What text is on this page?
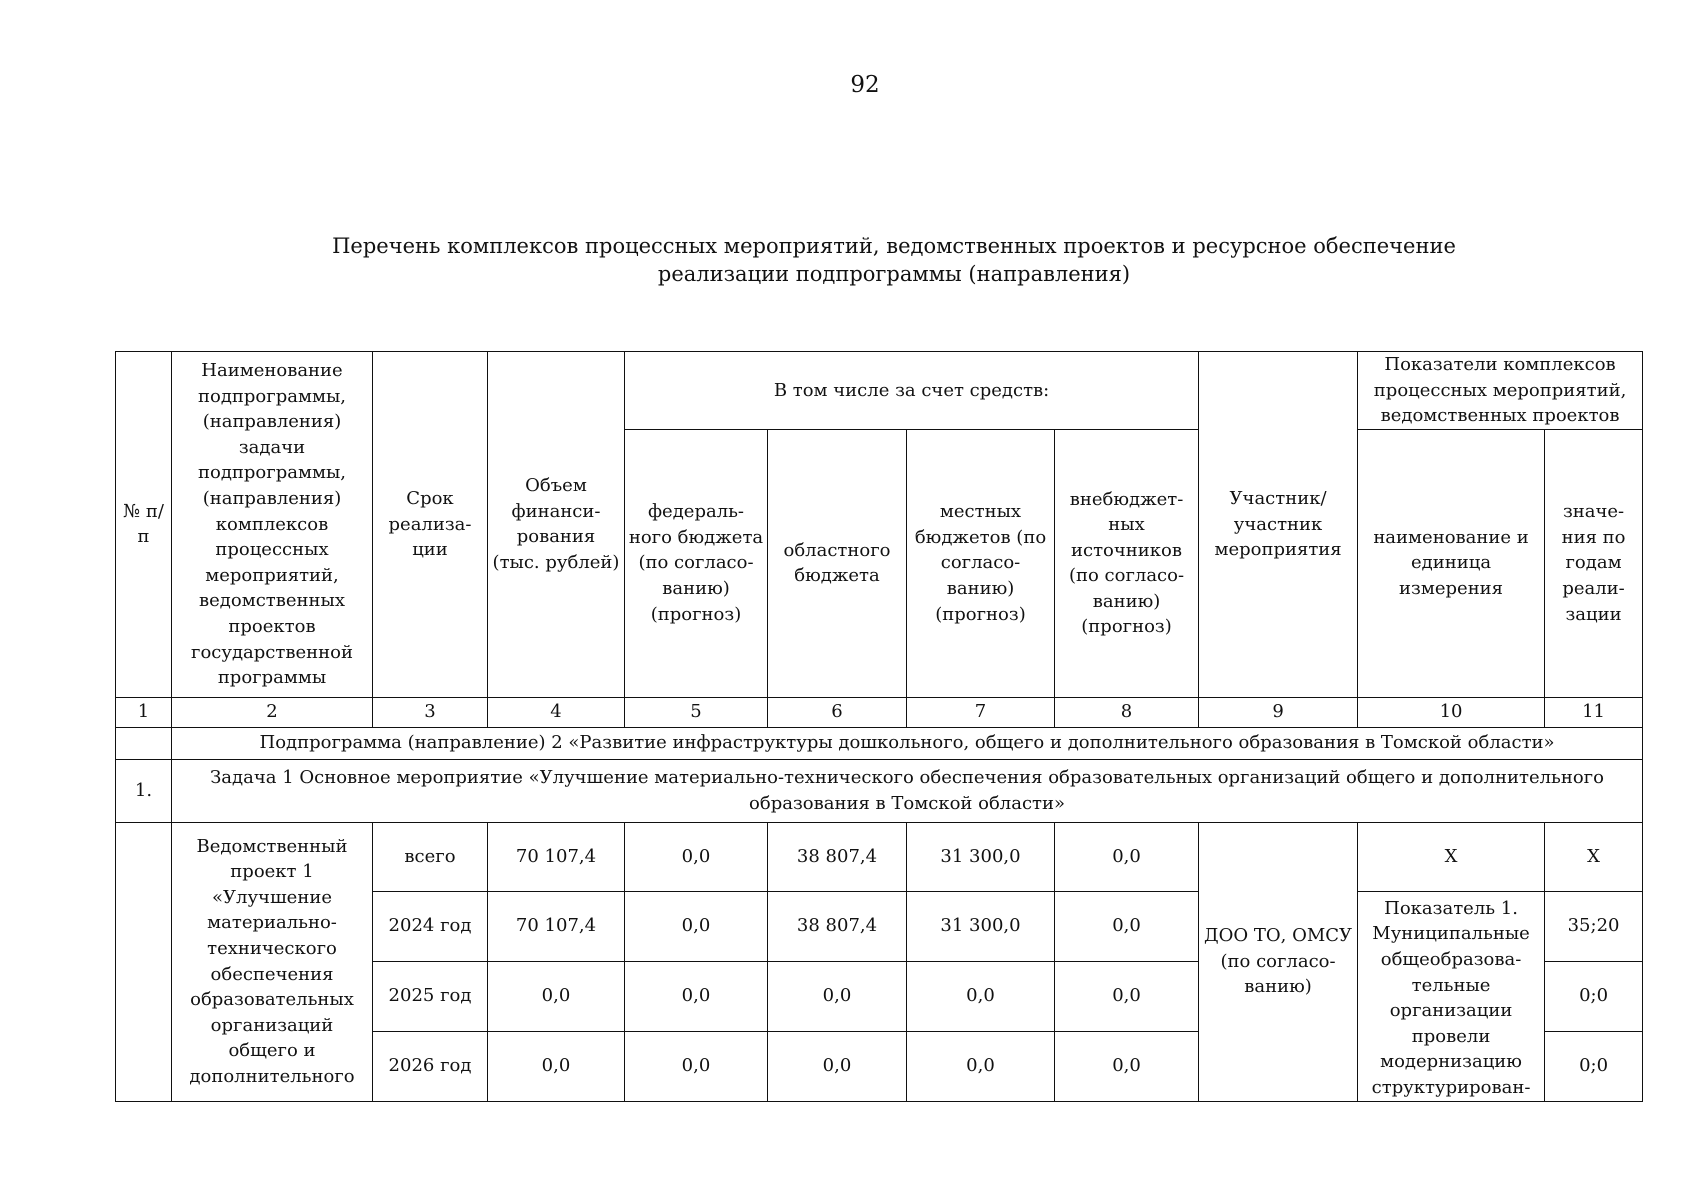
92
Перечень комплексов процессных мероприятий, ведомственных проектов и ресурсное обеспечение
реализации подпрограммы (направления)
№ п/п	Наименование подпрограммы, (направления) задачи подпрограммы, (направления) комплексов процессных мероприятий, ведомственных проектов государственной программы	Срок реализа-ции	Объем финанси-рования (тыс. рублей)	В том числе за счет средств:				Участник/ участник мероприятия	Показатели комплексов процессных мероприятий, ведомственных проектов	
				федераль-ного бюджета (по согласо-ванию) (прогноз)	областного бюджета	местных бюджетов (по согласо-ванию) (прогноз)	внебюджет-ных источников (по согласо-ванию) (прогноз)		наименование и единица измерения	значе-ния по годам реали-зации
1	2	3	4	5	6	7	8	9	10	11
	Подпрограмма (направление) 2 «Развитие инфраструктуры дошкольного, общего и дополнительного образования в Томской области»									
1.	Задача 1 Основное мероприятие «Улучшение материально-технического обеспечения образовательных организаций общего и дополнительного образования в Томской области»									
	Ведомственный проект 1 «Улучшение материально-технического обеспечения образовательных организаций общего и дополнительного	всего	70 107,4	0,0	38 807,4	31 300,0	0,0	ДОО ТО, ОМСУ (по согласо-ванию)	X	X
		2024 год	70 107,4	0,0	38 807,4	31 300,0	0,0		Показатель 1. Муниципальные общеобразова-тельные организации провели модернизацию структурирован-	35;20
		2025 год	0,0	0,0	0,0	0,0	0,0			0;0
		2026 год	0,0	0,0	0,0	0,0	0,0			0;0
